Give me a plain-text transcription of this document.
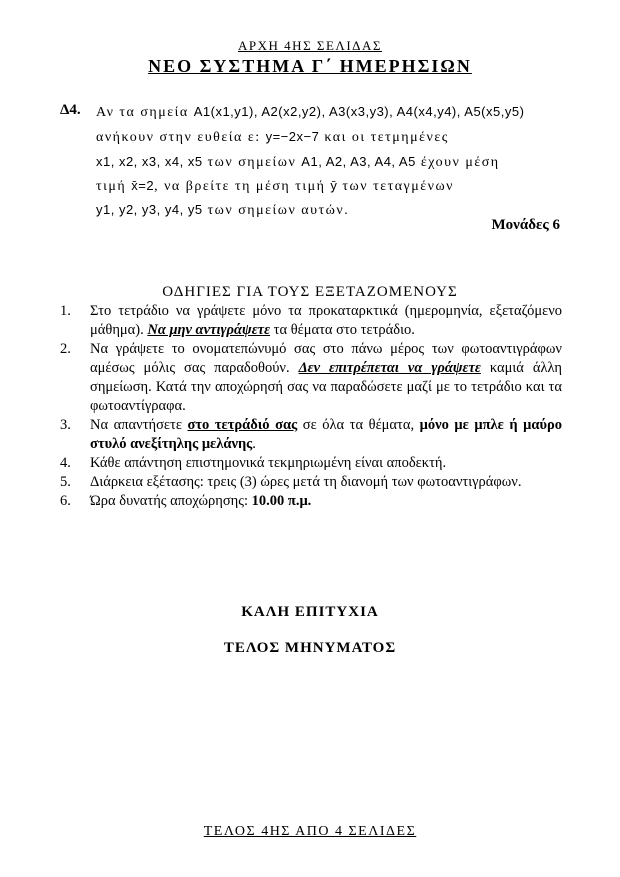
ΑΡΧΗ 4ΗΣ ΣΕΛΙΔΑΣ
ΝΕΟ ΣΥΣΤΗΜΑ Γ΄ ΗΜΕΡΗΣΙΩΝ
Δ4. Αν τα σημεία A1(x1,y1), A2(x2,y2), A3(x3,y3), A4(x4,y4), A5(x5,y5)
ανήκουν στην ευθεία ε: y=−2x−7 και οι τετμημένες
x1, x2, x3, x4, x5 των σημείων A1, A2, A3, A4, A5 έχουν μέση
τιμή x̄=2, να βρείτε τη μέση τιμή ȳ των τεταγμένων
y1, y2, y3, y4, y5 των σημείων αυτών.
Μονάδες 6
ΟΔΗΓΙΕΣ ΓΙΑ ΤΟΥΣ ΕΞΕΤΑΖΟΜΕΝΟΥΣ
1. Στο τετράδιο να γράψετε μόνο τα προκαταρκτικά (ημερομηνία, εξεταζόμενο μάθημα). Να μην αντιγράψετε τα θέματα στο τετράδιο.
2. Να γράψετε το ονοματεπώνυμό σας στο πάνω μέρος των φωτοαντιγράφων αμέσως μόλις σας παραδοθούν. Δεν επιτρέπεται να γράψετε καμιά άλλη σημείωση. Κατά την αποχώρησή σας να παραδώσετε μαζί με το τετράδιο και τα φωτοαντίγραφα.
3. Να απαντήσετε στο τετράδιό σας σε όλα τα θέματα, μόνο με μπλε ή μαύρο στυλό ανεξίτηλης μελάνης.
4. Κάθε απάντηση επιστημονικά τεκμηριωμένη είναι αποδεκτή.
5. Διάρκεια εξέτασης: τρεις (3) ώρες μετά τη διανομή των φωτοαντιγράφων.
6. Ώρα δυνατής αποχώρησης: 10.00 π.μ.
ΚΑΛΗ ΕΠΙΤΥΧΙΑ
ΤΕΛΟΣ ΜΗΝΥΜΑΤΟΣ
ΤΕΛΟΣ 4ΗΣ ΑΠΟ 4 ΣΕΛΙΔΕΣ
